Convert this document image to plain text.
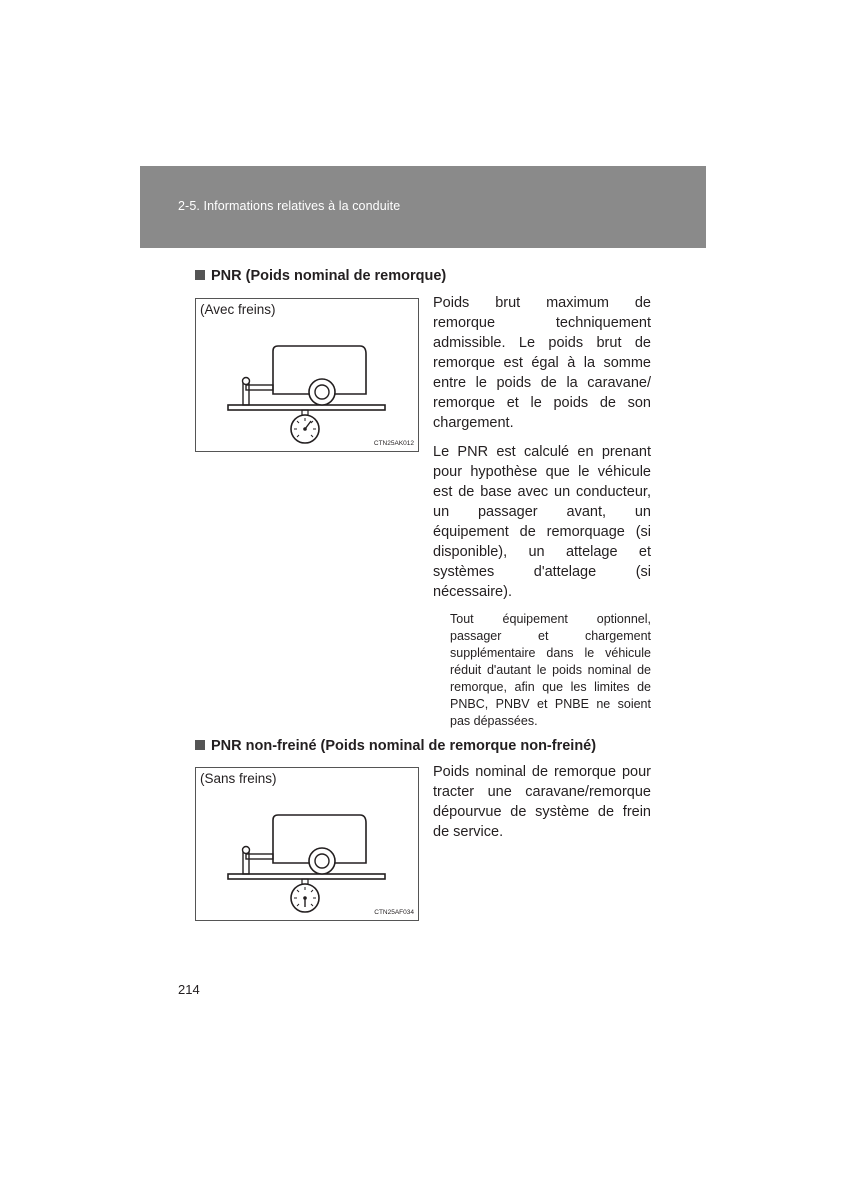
2-5. Informations relatives à la conduite
PNR (Poids nominal de remorque)
(Avec freins)
CTN25AK012

Poids brut maximum de remorque techniquement admissible. Le poids brut de remorque est égal à la somme entre le poids de la caravane/ remorque et le poids de son chargement.

Le PNR est calculé en prenant pour hypothèse que le véhicule est de base avec un conducteur, un passager avant, un équipement de remorquage (si disponible), un attelage et systèmes d'attelage (si nécessaire).

Tout équipement optionnel, passager et chargement supplémentaire dans le véhicule réduit d'autant le poids nominal de remorque, afin que les limites de PNBC, PNBV et PNBE ne soient pas dépassées.

PNR non-freiné (Poids nominal de remorque non-freiné)
(Sans freins)
CTN25AF034

Poids nominal de remorque pour tracter une caravane/remorque dépourvue de système de frein de service.

214
